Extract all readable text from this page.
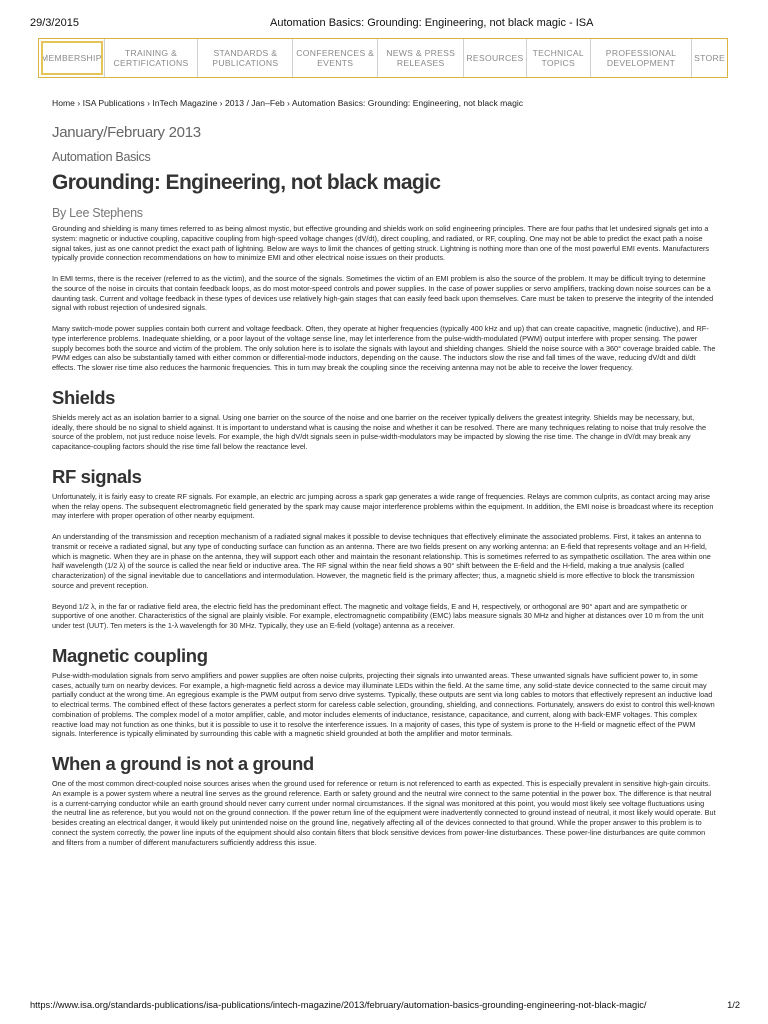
29/3/2015	Automation Basics: Grounding: Engineering, not black magic - ISA
MEMBERSHIP
TRAINING & CERTIFICATIONS
STANDARDS & PUBLICATIONS
CONFERENCES & EVENTS
NEWS & PRESS RELEASES
RESOURCES
TECHNICAL TOPICS
PROFESSIONAL DEVELOPMENT
STORE
Home › ISA Publications › InTech Magazine › 2013 / Jan–Feb › Automation Basics: Grounding: Engineering, not black magic
January/February 2013
Automation Basics
Grounding: Engineering, not black magic
By Lee Stephens

Grounding and shielding is many times referred to as being almost mystic, but effective grounding and shields work on solid engineering principles. There are four paths that let undesired signals get into a system: magnetic or inductive coupling, capacitive coupling from high-speed voltage changes (dV/dt), direct coupling, and radiated, or RF, coupling. One may not be able to predict the exact path a noise signal takes, just as one cannot predict the exact path of lightning. Below are ways to limit the chances of getting struck. Lightning is nothing more than one of the most powerful EMI events. Manufacturers typically provide connection recommendations on how to minimize EMI and other electrical noise issues on their products.

In EMI terms, there is the receiver (referred to as the victim), and the source of the signals. Sometimes the victim of an EMI problem is also the source of the problem. It may be difficult trying to determine the source of the noise in circuits that contain feedback loops, as do most motor-speed controls and power supplies. In the case of power supplies or servo amplifiers, tracking down noise sources can be a daunting task. Current and voltage feedback in these types of devices use relatively high-gain stages that can easily feed back upon themselves. Care must be taken to preserve the integrity of the intended signal with robust rejection of undesired signals.

Many switch-mode power supplies contain both current and voltage feedback. Often, they operate at higher frequencies (typically 400 kHz and up) that can create capacitive, magnetic (inductive), and RF-type interference problems. Inadequate shielding, or a poor layout of the voltage sense line, may let interference from the pulse-width-modulated (PWM) output interfere with proper sensing. The power supply becomes both the source and victim of the problem. The only solution here is to isolate the signals with layout and shielding changes. Shield the noise source with a 360° coverage braided cable. The PWM edges can also be substantially tamed with either common or differential-mode inductors, depending on the cause. The inductors slow the rise and fall times of the wave, reducing dV/dt and di/dt effects. The slower rise time also reduces the harmonic frequencies. This in turn may break the coupling since the receiving antenna may not be able to receive the lower frequency.

Shields

Shields merely act as an isolation barrier to a signal. Using one barrier on the source of the noise and one barrier on the receiver typically delivers the greatest integrity. Shields may be necessary, but, ideally, there should be no signal to shield against. It is important to understand what is causing the noise and whether it can be resolved. There are many techniques relating to noise that truly resolve the source of the problem, not just reduce noise levels. For example, the high dV/dt signals seen in pulse-width-modulators may be impacted by slowing the rise time. The change in dV/dt may break any capacitance-coupling factors should the rise time fall below the reactance level.

RF signals

Unfortunately, it is fairly easy to create RF signals. For example, an electric arc jumping across a spark gap generates a wide range of frequencies. Relays are common culprits, as contact arcing may arise when the relay opens. The subsequent electromagnetic field generated by the spark may cause major interference problems within the equipment. In addition, the EMI noise is broadcast where its reception may interfere with proper operation of other nearby equipment.

An understanding of the transmission and reception mechanism of a radiated signal makes it possible to devise techniques that effectively eliminate the associated problems. First, it takes an antenna to transmit or receive a radiated signal, but any type of conducting surface can function as an antenna. There are two fields present on any working antenna: an E-field that represents voltage and an H-field, which is magnetic. When they are in phase on the antenna, they will support each other and maintain the resonant relationship. This is sometimes referred to as sympathetic oscillation. The area within one half wavelength (1/2 λ) of the source is called the near field or inductive area. The RF signal within the near field shows a 90° shift between the E-field and the H-field, making a true analysis (called characterization) of the signal inevitable due to cancellations and intermodulation. However, the magnetic field is the primary affecter; thus, a magnetic shield is more effective to block the transmission source and prevent reception.

Beyond 1/2 λ, in the far or radiative field area, the electric field has the predominant effect. The magnetic and voltage fields, E and H, respectively, or orthogonal are 90° apart and are sympathetic or supportive of one another. Characteristics of the signal are plainly visible. For example, electromagnetic compatibility (EMC) labs measure signals 30 MHz and higher at distances over 10 m from the unit under test (UUT). Ten meters is the 1-λ wavelength for 30 MHz. Typically, they use an E-field (voltage) antenna as a receiver.

Magnetic coupling

Pulse-width-modulation signals from servo amplifiers and power supplies are often noise culprits, projecting their signals into unwanted areas. These unwanted signals have sufficient power to, in some cases, actually turn on nearby devices. For example, a high-magnetic field across a device may illuminate LEDs within the field. At the same time, any solid-state device connected to the same circuit may partially conduct at the wrong time. An egregious example is the PWM output from servo drive systems. Typically, these outputs are sent via long cables to motors that effectively represent an inductive load to electrical terms. The combined effect of these factors generates a perfect storm for careless cable selection, grounding, shielding, and connections. Fortunately, answers do exist to control this well-known combination of problems. The complex model of a motor amplifier, cable, and motor includes elements of inductance, resistance, capacitance, and current, along with back-EMF voltages. This complex reactive load may not function as one thinks, but it is possible to use it to resolve the interference issues. In a majority of cases, this type of system is prone to the H-field or magnetic effect of the PWM signals. Interference is typically eliminated by surrounding this cable with a magnetic shield grounded at both the amplifier and motor terminals.

When a ground is not a ground

One of the most common direct-coupled noise sources arises when the ground used for reference or return is not referenced to earth as expected. This is especially prevalent in sensitive high-gain circuits. An example is a power system where a neutral line serves as the ground reference. Earth or safety ground and the neutral wire connect to the same potential in the power box. The difference is that neutral is a current-carrying conductor while an earth ground should never carry current under normal circumstances. If the signal was monitored at this point, you would most likely see voltage fluctuations using the neutral line as reference, but you would not on the ground connection. If the power return line of the equipment were inadvertently connected to ground instead of neutral, it most likely would operate. But besides creating an electrical danger, it would likely put unintended noise on the ground line, negatively affecting all of the devices connected to that ground. While the proper answer to this problem is to connect the system correctly, the power line inputs of the equipment should also contain filters that block sensitive devices from power-line disturbances. These power-line disturbances are quite common and filters from a number of different manufacturers sufficiently address this issue.

https://www.isa.org/standards-publications/isa-publications/intech-magazine/2013/february/automation-basics-grounding-engineering-not-black-magic/	1/2
